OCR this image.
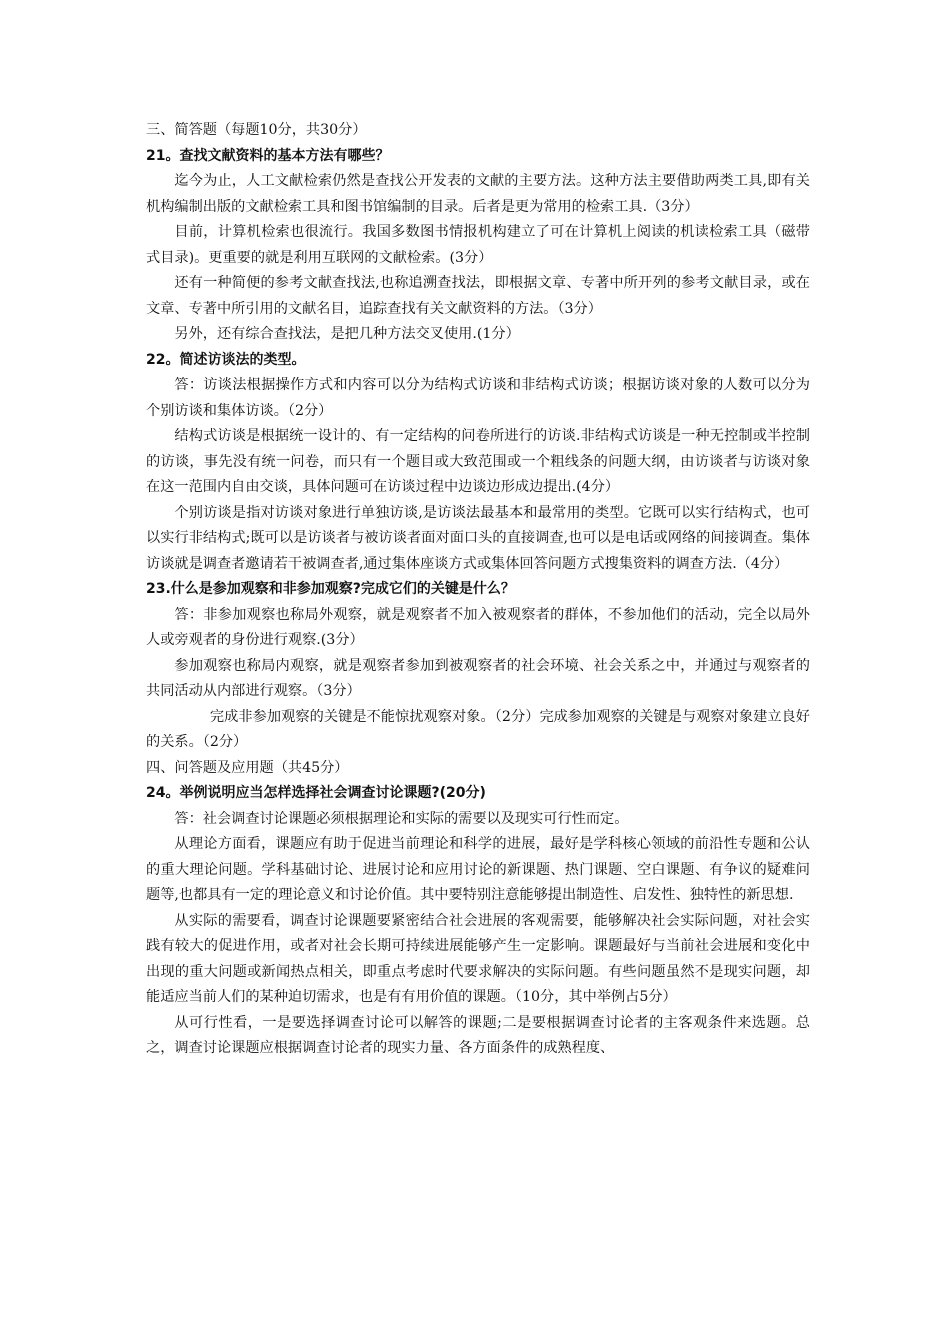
三、简答题（每题10分，共30分）

21。查找文献资料的基本方法有哪些？

迄今为止，人工文献检索仍然是查找公开发表的文献的主要方法。这种方法主要借助两类工具,即有关机构编制出版的文献检索工具和图书馆编制的目录。后者是更为常用的检索工具.（3分）

目前，计算机检索也很流行。我国多数图书情报机构建立了可在计算机上阅读的机读检索工具（磁带式目录)。更重要的就是利用互联网的文献检索。(3分）

还有一种简便的参考文献查找法,也称追溯查找法，即根据文章、专著中所开列的参考文献目录，或在文章、专著中所引用的文献名目，追踪查找有关文献资料的方法。（3分）

另外，还有综合查找法，是把几种方法交叉使用.(1分）

22。简述访谈法的类型。

答：访谈法根据操作方式和内容可以分为结构式访谈和非结构式访谈；根据访谈对象的人数可以分为个别访谈和集体访谈。（2分）

结构式访谈是根据统一设计的、有一定结构的问卷所进行的访谈.非结构式访谈是一种无控制或半控制的访谈，事先没有统一问卷，而只有一个题目或大致范围或一个粗线条的问题大纲，由访谈者与访谈对象在这一范围内自由交谈，具体问题可在访谈过程中边谈边形成边提出.(4分）

个别访谈是指对访谈对象进行单独访谈,是访谈法最基本和最常用的类型。它既可以实行结构式，也可以实行非结构式;既可以是访谈者与被访谈者面对面口头的直接调查,也可以是电话或网络的间接调查。集体访谈就是调查者邀请若干被调查者,通过集体座谈方式或集体回答问题方式搜集资料的调查方法.（4分）

23.什么是参加观察和非参加观察?完成它们的关键是什么？

答：非参加观察也称局外观察，就是观察者不加入被观察者的群体，不参加他们的活动，完全以局外人或旁观者的身份进行观察.(3分）

参加观察也称局内观察，就是观察者参加到被观察者的社会环境、社会关系之中，并通过与观察者的共同活动从内部进行观察。（3分）

完成非参加观察的关键是不能惊扰观察对象。（2分）完成参加观察的关键是与观察对象建立良好的关系。（2分）

四、问答题及应用题（共45分）

24。举例说明应当怎样选择社会调查讨论课题?(20分)

答：社会调查讨论课题必须根据理论和实际的需要以及现实可行性而定。

从理论方面看，课题应有助于促进当前理论和科学的进展，最好是学科核心领域的前沿性专题和公认的重大理论问题。学科基础讨论、进展讨论和应用讨论的新课题、热门课题、空白课题、有争议的疑难问题等,也都具有一定的理论意义和讨论价值。其中要特别注意能够提出制造性、启发性、独特性的新思想.

从实际的需要看，调查讨论课题要紧密结合社会进展的客观需要，能够解决社会实际问题，对社会实践有较大的促进作用，或者对社会长期可持续进展能够产生一定影响。课题最好与当前社会进展和变化中出现的重大问题或新闻热点相关，即重点考虑时代要求解决的实际问题。有些问题虽然不是现实问题，却能适应当前人们的某种迫切需求，也是有有用价值的课题。（10分，其中举例占5分）

从可行性看，一是要选择调查讨论可以解答的课题;二是要根据调查讨论者的主客观条件来选题。总之，调查讨论课题应根据调查讨论者的现实力量、各方面条件的成熟程度、
